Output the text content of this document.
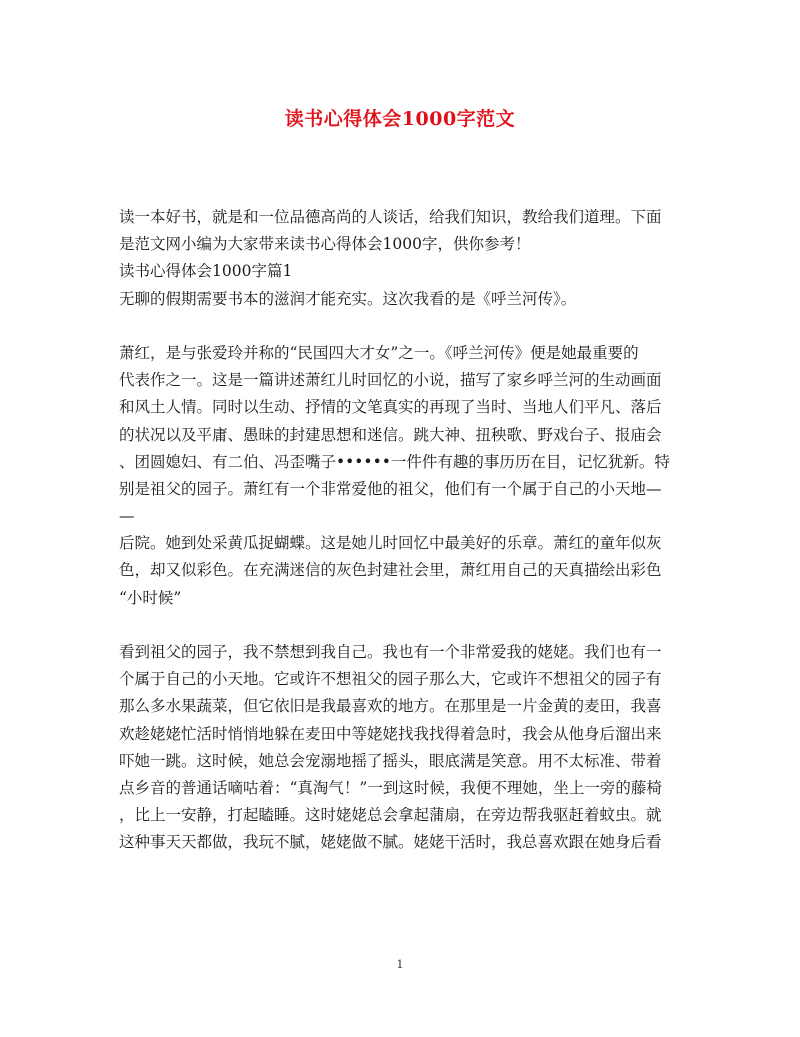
读书心得体会1000字范文
读一本好书，就是和一位品德高尚的人谈话，给我们知识，教给我们道理。下面
是范文网小编为大家带来读书心得体会1000字，供你参考！
读书心得体会1000字篇1
无聊的假期需要书本的滋润才能充实。这次我看的是《呼兰河传》。
萧红，是与张爱玲并称的“民国四大才女”之一。《呼兰河传》便是她最重要的
代表作之一。这是一篇讲述萧红儿时回忆的小说，描写了家乡呼兰河的生动画面
和风土人情。同时以生动、抒情的文笔真实的再现了当时、当地人们平凡、落后
的状况以及平庸、愚昧的封建思想和迷信。跳大神、扭秧歌、野戏台子、报庙会
、团圆媳妇、有二伯、冯歪嘴子••••••一件件有趣的事历历在目，记忆犹新。特
别是祖父的园子。萧红有一个非常爱他的祖父，他们有一个属于自己的小天地—
—
后院。她到处采黄瓜捉蝴蝶。这是她儿时回忆中最美好的乐章。萧红的童年似灰
色，却又似彩色。在充满迷信的灰色封建社会里，萧红用自己的天真描绘出彩色
“小时候”
看到祖父的园子，我不禁想到我自己。我也有一个非常爱我的姥姥。我们也有一
个属于自己的小天地。它或许不想祖父的园子那么大，它或许不想祖父的园子有
那么多水果蔬菜，但它依旧是我最喜欢的地方。在那里是一片金黄的麦田，我喜
欢趁姥姥忙活时悄悄地躲在麦田中等姥姥找我找得着急时，我会从他身后溜出来
吓她一跳。这时候，她总会宠溺地摇了摇头，眼底满是笑意。用不太标准、带着
点乡音的普通话嘀咕着：“真淘气！”一到这时候，我便不理她，坐上一旁的藤椅
，比上一安静，打起瞌睡。这时姥姥总会拿起蒲扇，在旁边帮我驱赶着蚊虫。就
这种事天天都做，我玩不腻，姥姥做不腻。姥姥干活时，我总喜欢跟在她身后看
1
